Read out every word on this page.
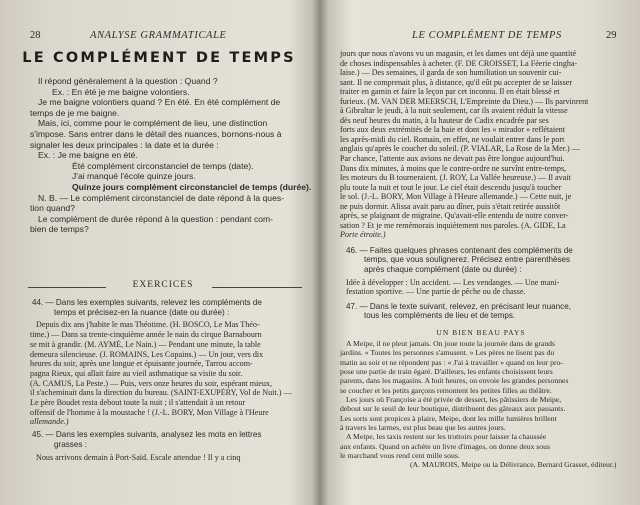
28	ANALYSE GRAMMATICALE
LE COMPLÉMENT DE TEMPS
Il répond généralement à la question : Quand ?
Ex. : En été je me baigne volontiers.
Je me baigne volontiers quand ? En été. En été complément de
temps de je me baigne.
Mais, ici, comme pour le complément de lieu, une distinction
s'impose. Sans entrer dans le détail des nuances, bornons-nous à
signaler les deux principales : la date et la durée :
Ex. : Je me baigne en été.
Été complément circonstanciel de temps (date).
J'ai manqué l'école quinze jours.
Quinze jours complément circonstanciel de temps (durée).
N. B. — Le complément circonstanciel de date répond à la ques-
tion quand?
Le complément de durée répond à la question : pendant com-
bien de temps?
EXERCICES
44. — Dans les exemples suivants, relevez les compléments de
temps et précisez-en la nuance (date ou durée) :
Depuis dix ans j'habite le mas Théotime. (H. BOSCO, Le Mas Théo-
time.) — Dans sa trente-cinquième année le nain du cirque Barnabourn
se mit à grandir. (M. AYMÉ, Le Nain.) — Pendant une minute, la table
demeura silencieuse. (J. ROMAINS, Les Copains.) — Un jour, vers dix
heures du soir, après une longue et épuisante journée, Tarrou accom-
pagna Rieux, qui allait faire au vieil asthmatique sa visite du soir.
(A. CAMUS, La Peste.) — Puis, vers onze heures du soir, espérant mieux,
il s'acheminait dans la direction du bureau. (SAINT-EXUPÉRY, Vol de Nuit.) —
Le père Boudet resta debout toute la nuit ; il s'attendait à un retour
offensif de l'homme à la moustache ! (J.-L. BORY, Mon Village à l'Heure
allemande.)
45. — Dans les exemples suivants, analysez les mots en lettres
grasses :
Nous arrivons demain à Port-Saïd. Escale attendue ! Il y a cinq
LE COMPLÉMENT DE TEMPS	29
jours que nous n'avons vu un magasin, et les dames ont déjà une quantité
de choses indispensables à acheter. (F. DE CROISSET, La Féerie cingha-
laise.) — Des semaines, il garda de son humiliation un souvenir cui-
sant. Il ne comprenait plus, à distance, qu'il eût pu accepter de se laisser
traiter en gamin et faire la leçon par cet inconnu. Il en était blessé et
furieux. (M. VAN DER MEERSCH, L'Empreinte du Dieu.) — Ils parvinrent
à Gibraltar le jeudi, à la nuit seulement, car ils avaient réduit la vitesse
dès neuf heures du matin, à la hauteur de Cadix encadrée par ses
forts aux deux extrémités de la baie et dont les « mirador » reflétaient
les après-midi du ciel. Romain, en effet, ne voulait entrer dans le port
anglais qu'après le coucher du soleil. (P. VIALAR, La Rose de la Mer.) —
Par chance, l'attente aux avions ne devait pas être longue aujourd'hui.
Dans dix minutes, à moins que le contre-ordre ne survînt entre-temps,
les moteurs du B tourneraient. (J. ROY, La Vallée heureuse.) — Il avait
plu toute la nuit et tout le jour. Le ciel était descendu jusqu'à toucher
le sol. (J.-L. BORY, Mon Village à l'Heure allemande.) — Cette nuit, je
ne puis dormir. Alissa avait paru au dîner, puis s'était retirée aussitôt
après, se plaignant de migraine. Qu'avait-elle entendu de notre conver-
sation ? Et je me remémorais inquiètement nos paroles. (A. GIDE, La
Porte étroite.)
46. — Faites quelques phrases contenant des compléments de
temps, que vous soulignerez. Précisez entre parenthèses
après chaque complément (date ou durée) :
Idée à développer : Un accident. — Les vendanges. — Une mani-
festation sportive. — Une partie de pêche ou de chasse.
47. — Dans le texte suivant, relevez, en précisant leur nuance,
tous les compléments de lieu et de temps.
UN BIEN BEAU PAYS
A Meipe, il ne pleut jamais. On joue toute la journée dans de grands
jardins. « Toutes les personnes s'amusent. » Les pères ne lisent pas du
matin au soir et ne répondent pas : « J'ai à travailler » quand on leur pro-
pose une partie de train égaré. D'ailleurs, les enfants choisissent leurs
parents, dans les magasins. A huit heures, on envoie les grandes personnes
se coucher et les petits garçons remontent les petites filles au théâtre.
Les jours où Françoise a été privée de dessert, les pâtissiers de Meipe,
debout sur le seuil de leur boutique, distribuent des gâteaux aux passants.
Les sorts sont propices à plaire, Meipe, dont les mille lumières brillent
à travers les larmes, est plus beau que les autres jours.
A Meipe, les taxis restent sur les trottoirs pour laisser la chaussée
aux enfants. Quand on achète un livre d'images, on donne deux sous
le marchand vous rend cent mille sous.
(A. MAUROIS, Meipe ou la Délivrance, Bernard Grasset, éditeur.)
